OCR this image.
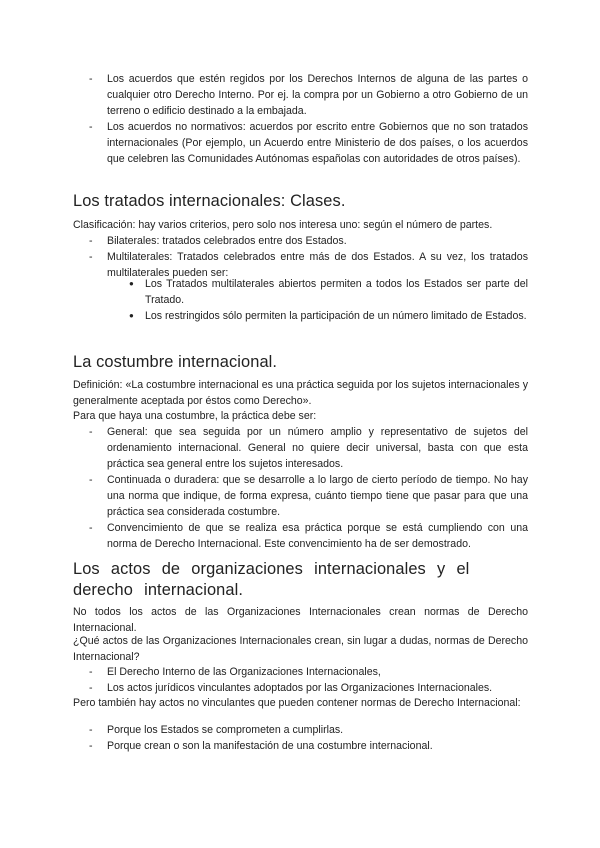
- Los acuerdos que estén regidos por los Derechos Internos de alguna de las partes o cualquier otro Derecho Interno. Por ej. la compra por un Gobierno a otro Gobierno de un terreno o edificio destinado a la embajada.
- Los acuerdos no normativos: acuerdos por escrito entre Gobiernos que no son tratados internacionales (Por ejemplo, un Acuerdo entre Ministerio de dos países, o los acuerdos que celebren las Comunidades Autónomas españolas con autoridades de otros países).
Los tratados internacionales: Clases.

Clasificación: hay varios criterios, pero solo nos interesa uno: según el número de partes.

- Bilaterales: tratados celebrados entre dos Estados.
- Multilaterales: Tratados celebrados entre más de dos Estados. A su vez, los tratados multilaterales pueden ser:
● Los Tratados multilaterales abiertos permiten a todos los Estados ser parte del Tratado.
● Los restringidos sólo permiten la participación de un número limitado de Estados.
La costumbre internacional.

Definición: «La costumbre internacional es una práctica seguida por los sujetos internacionales y generalmente aceptada por éstos como Derecho».

Para que haya una costumbre, la práctica debe ser:

- General: que sea seguida por un número amplio y representativo de sujetos del ordenamiento internacional. General no quiere decir universal, basta con que esta práctica sea general entre los sujetos interesados.
- Continuada o duradera: que se desarrolle a lo largo de cierto período de tiempo. No hay una norma que indique, de forma expresa, cuánto tiempo tiene que pasar para que una práctica sea considerada costumbre.
- Convencimiento de que se realiza esa práctica porque se está cumpliendo con una norma de Derecho Internacional. Este convencimiento ha de ser demostrado.
Los actos de organizaciones internacionales y el derecho internacional.

No todos los actos de las Organizaciones Internacionales crean normas de Derecho Internacional.

¿Qué actos de las Organizaciones Internacionales crean, sin lugar a dudas, normas de Derecho Internacional?

- El Derecho Interno de las Organizaciones Internacionales,
- Los actos jurídicos vinculantes adoptados por las Organizaciones Internacionales.

Pero también hay actos no vinculantes que pueden contener normas de Derecho Internacional:

- Porque los Estados se comprometen a cumplirlas.
- Porque crean o son la manifestación de una costumbre internacional.
